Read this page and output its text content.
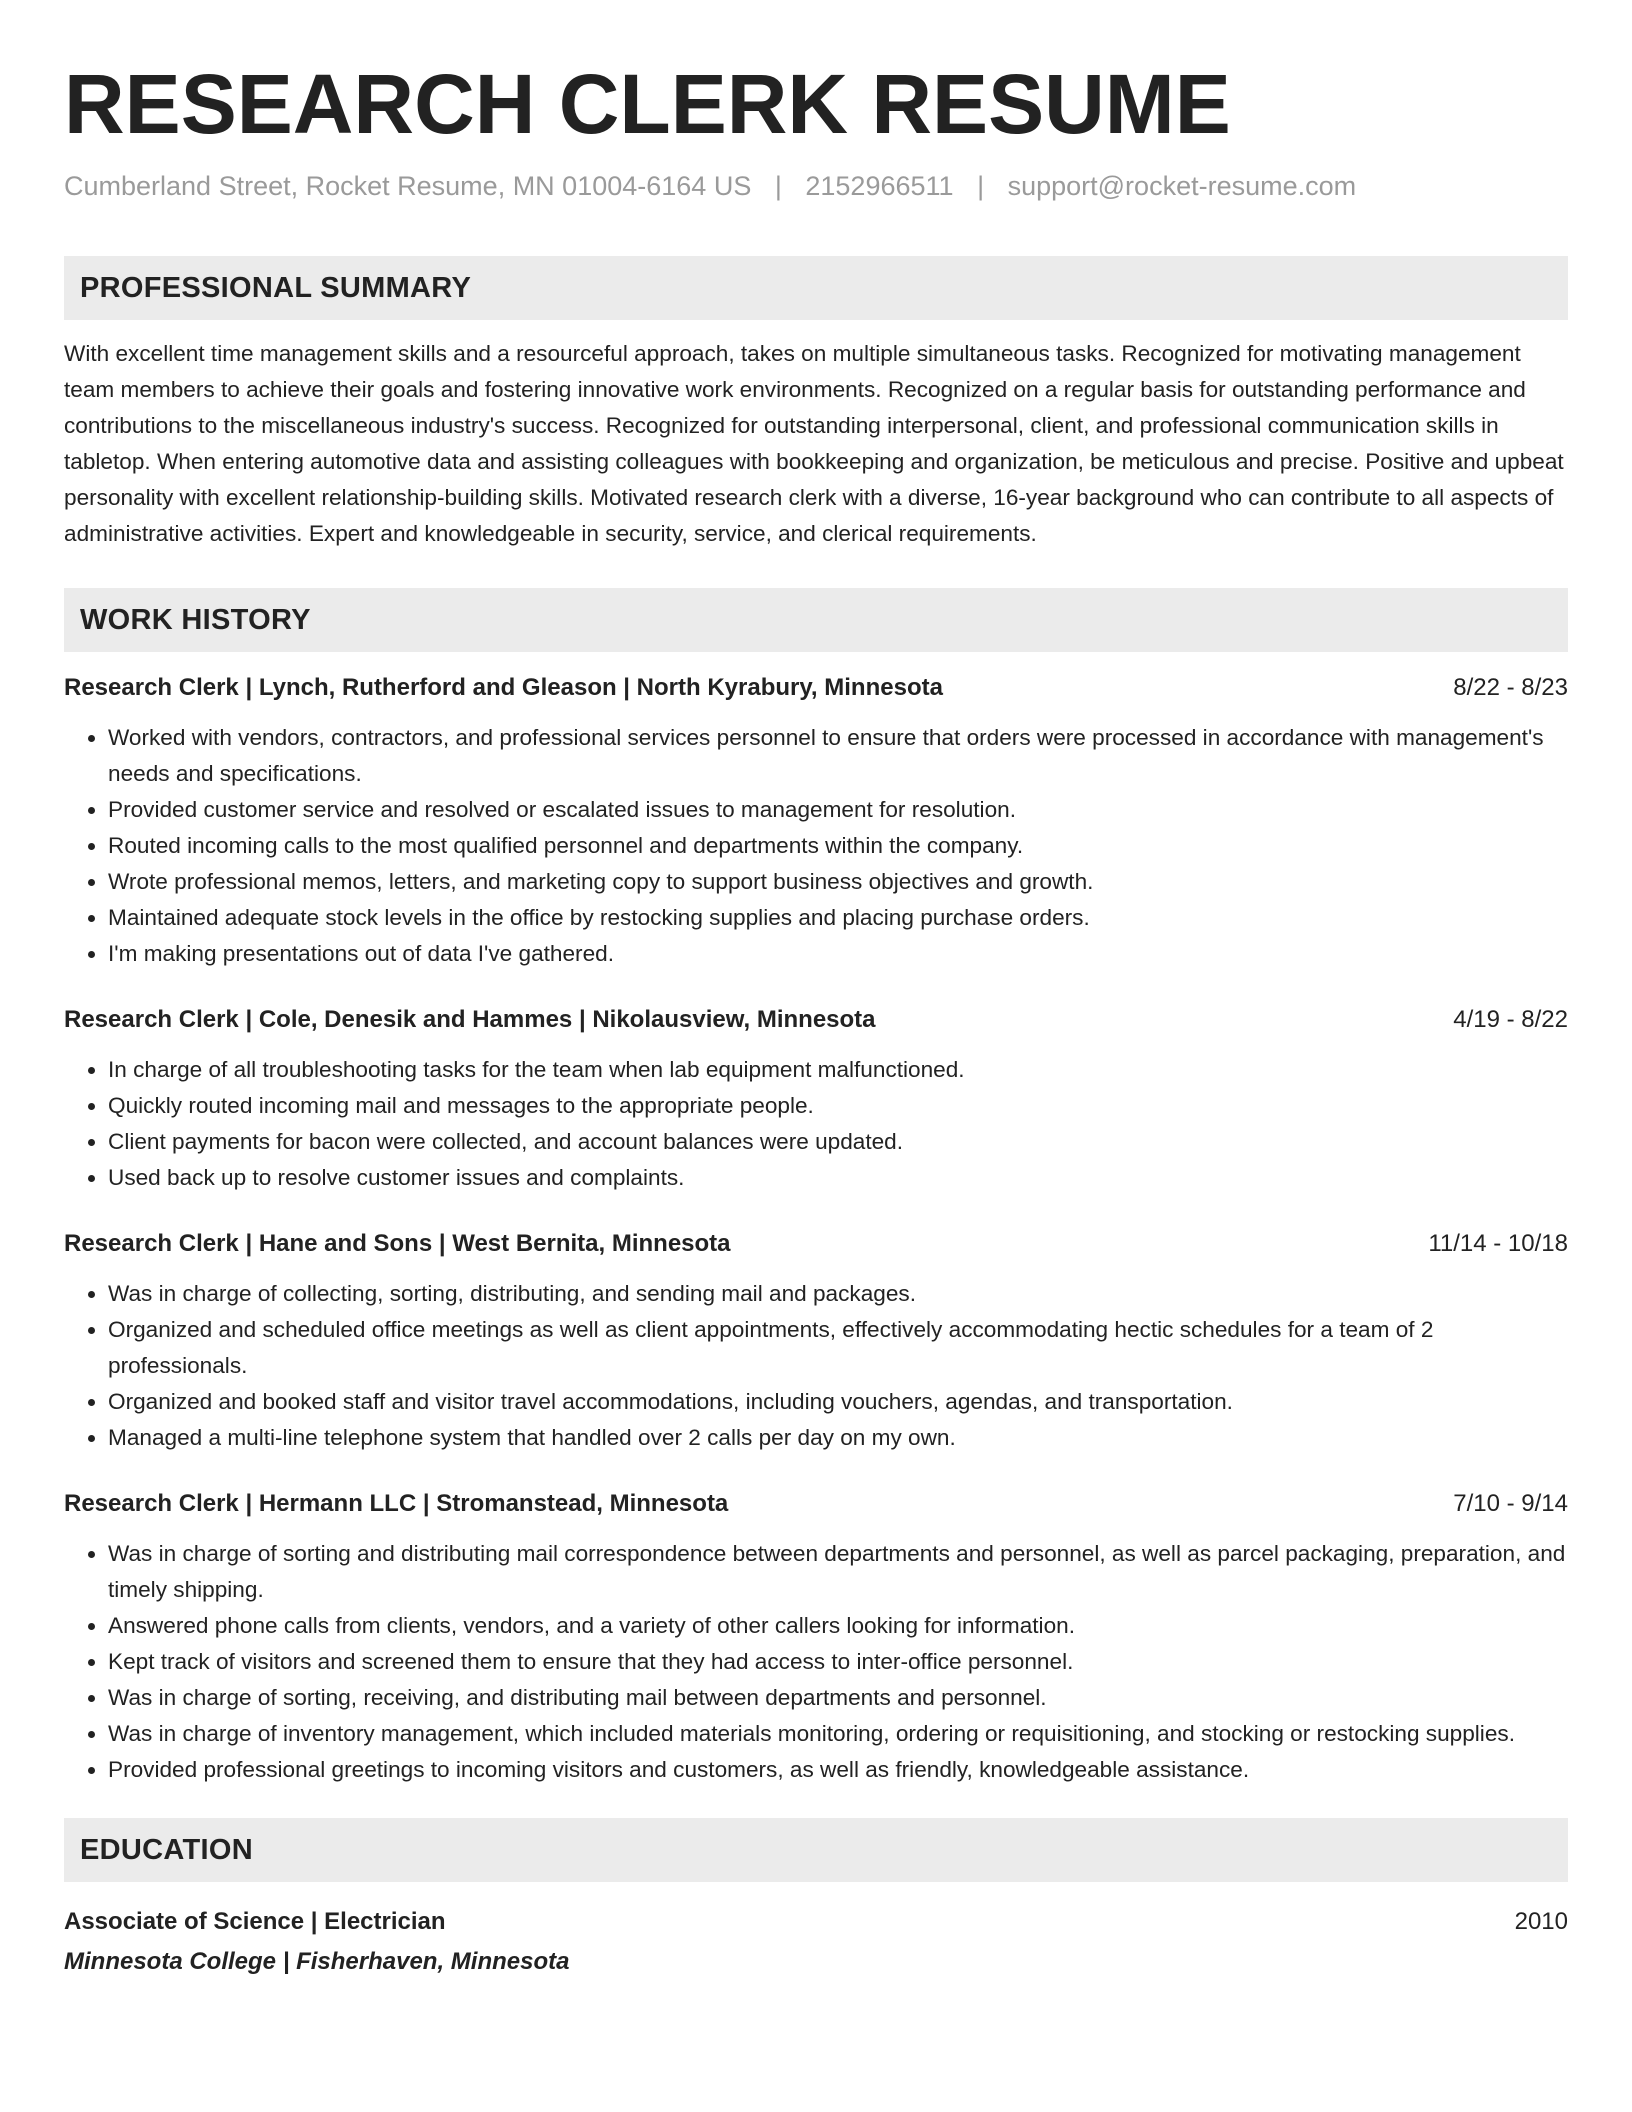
RESEARCH CLERK RESUME
Cumberland Street, Rocket Resume, MN 01004-6164 US | 2152966511 | support@rocket-resume.com
PROFESSIONAL SUMMARY

With excellent time management skills and a resourceful approach, takes on multiple simultaneous tasks. Recognized for motivating management team members to achieve their goals and fostering innovative work environments. Recognized on a regular basis for outstanding performance and contributions to the miscellaneous industry's success. Recognized for outstanding interpersonal, client, and professional communication skills in tabletop. When entering automotive data and assisting colleagues with bookkeeping and organization, be meticulous and precise. Positive and upbeat personality with excellent relationship-building skills. Motivated research clerk with a diverse, 16-year background who can contribute to all aspects of administrative activities. Expert and knowledgeable in security, service, and clerical requirements.

WORK HISTORY
Research Clerk | Lynch, Rutherford and Gleason | North Kyrabury, Minnesota	8/22 - 8/23
• Worked with vendors, contractors, and professional services personnel to ensure that orders were processed in accordance with management's needs and specifications.
• Provided customer service and resolved or escalated issues to management for resolution.
• Routed incoming calls to the most qualified personnel and departments within the company.
• Wrote professional memos, letters, and marketing copy to support business objectives and growth.
• Maintained adequate stock levels in the office by restocking supplies and placing purchase orders.
• I'm making presentations out of data I've gathered.
Research Clerk | Cole, Denesik and Hammes | Nikolausview, Minnesota	4/19 - 8/22
• In charge of all troubleshooting tasks for the team when lab equipment malfunctioned.
• Quickly routed incoming mail and messages to the appropriate people.
• Client payments for bacon were collected, and account balances were updated.
• Used back up to resolve customer issues and complaints.
Research Clerk | Hane and Sons | West Bernita, Minnesota	11/14 - 10/18
• Was in charge of collecting, sorting, distributing, and sending mail and packages.
• Organized and scheduled office meetings as well as client appointments, effectively accommodating hectic schedules for a team of 2 professionals.
• Organized and booked staff and visitor travel accommodations, including vouchers, agendas, and transportation.
• Managed a multi-line telephone system that handled over 2 calls per day on my own.
Research Clerk | Hermann LLC | Stromanstead, Minnesota	7/10 - 9/14
• Was in charge of sorting and distributing mail correspondence between departments and personnel, as well as parcel packaging, preparation, and timely shipping.
• Answered phone calls from clients, vendors, and a variety of other callers looking for information.
• Kept track of visitors and screened them to ensure that they had access to inter-office personnel.
• Was in charge of sorting, receiving, and distributing mail between departments and personnel.
• Was in charge of inventory management, which included materials monitoring, ordering or requisitioning, and stocking or restocking supplies.
• Provided professional greetings to incoming visitors and customers, as well as friendly, knowledgeable assistance.
EDUCATION
Associate of Science | Electrician	2010
Minnesota College | Fisherhaven, Minnesota
